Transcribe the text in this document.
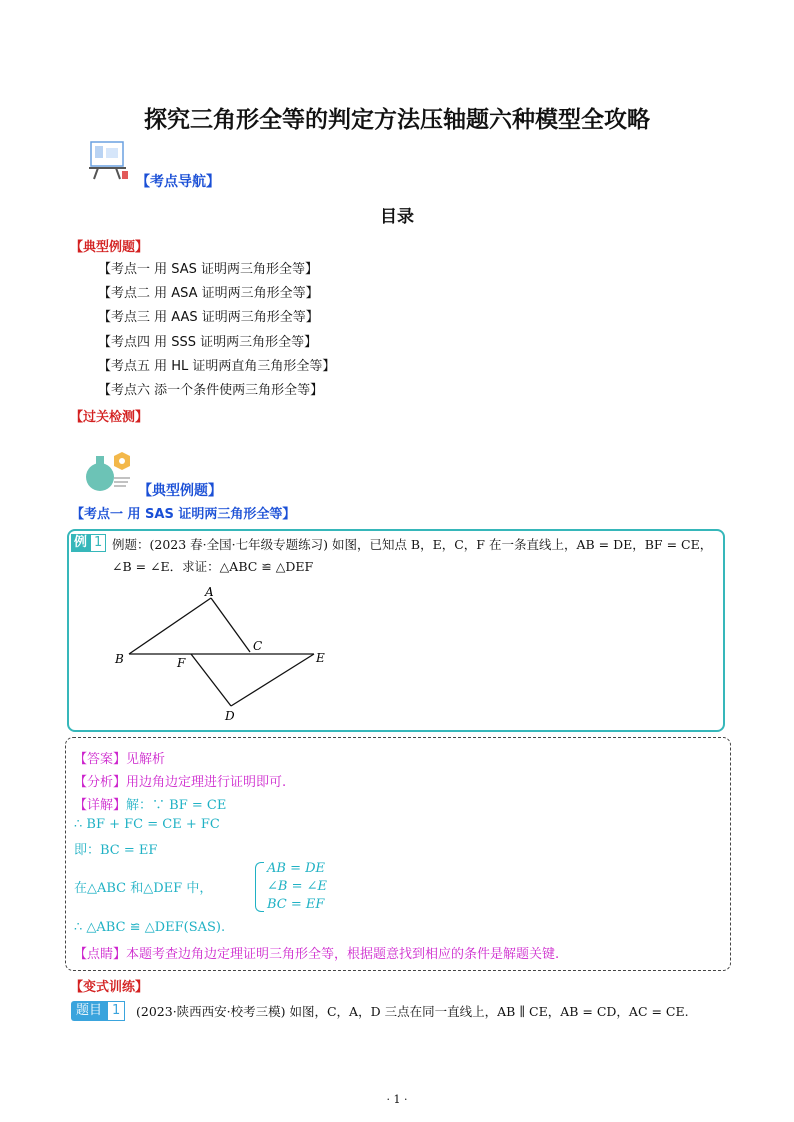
探究三角形全等的判定方法压轴题六种模型全攻略
【考点导航】
目录
【典型例题】
【考点一 用 SAS 证明两三角形全等】
【考点二 用 ASA 证明两三角形全等】
【考点三 用 AAS 证明两三角形全等】
【考点四 用 SSS 证明两三角形全等】
【考点五 用 HL 证明两直角三角形全等】
【考点六 添一个条件使两三角形全等】
【过关检测】
【典型例题】
【考点一 用 SAS 证明两三角形全等】
例 1 例题：(2023 春·全国·七年级专题练习) 如图，已知点 B，E，C，F 在一条直线上，AB = DE，BF = CE，
∠B = ∠E．求证：△ABC ≌ △DEF
A
B
C
D
E
F
【答案】见解析
【分析】用边角边定理进行证明即可.
【详解】解：∵ BF = CE
∴ BF + FC = CE + FC
即：BC = EF
在△ABC 和△DEF 中，
AB = DE
∠B = ∠E
BC = EF
∴ △ABC ≌ △DEF(SAS).
【点睛】本题考查边角边定理证明三角形全等，根据题意找到相应的条件是解题关键.
【变式训练】
题目 1	(2023·陕西西安·校考三模) 如图，C，A，D 三点在同一直线上，AB ∥ CE，AB = CD，AC = CE.
· 1 ·
